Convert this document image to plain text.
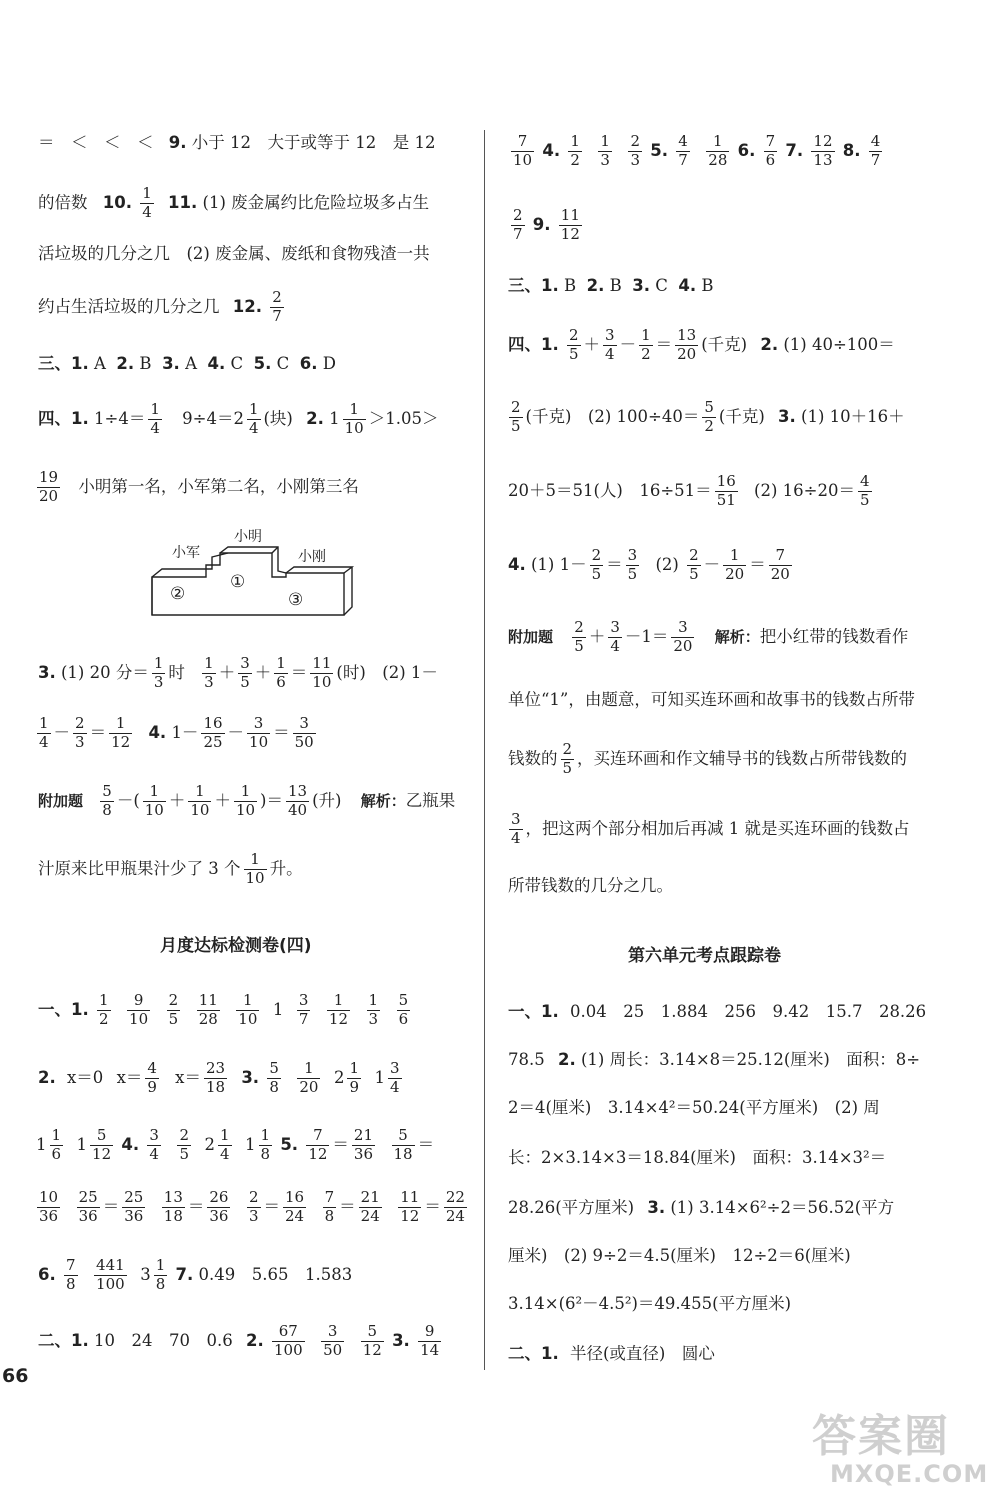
＝　＜　＜　＜ 9. 小于 12　大于或等于 12　是 12
的倍数 10. $\frac{1}{4} 11$. (1) 废金属约比危险垃圾多占生
活垃圾的几分之几　(2) 废金属、废纸和食物残渣一共
约占生活垃圾的几分之几 12. $\frac{2}{7}$
三、1. A 2. B 3. A 4. C 5. C 6. D
四、1. $1\div 4= \frac{1}{4} 9\div 4=2 \frac{1}{4}$ (块) 2. $1 \frac{1}{10} >1.05>$
$\frac{19}{20}$ 小明第一名，小军第二名，小刚第三名
小军
小明
小刚
①
②	③
3. (1) 20 分＝ $\frac{1}{3}$ 时 $\frac{1}{3} + \frac{3}{5} + \frac{1}{6} = \frac{11}{10}$ (时)　(2) 1－
$\frac{1}{4} - \frac{2}{3} = \frac{1}{12} 4$. $1- \frac{16}{25} - \frac{3}{10} = \frac{3}{50}$
附加题 $\frac{5}{8}$ －( $\frac{1}{10} + \frac{1}{10} + \frac{1}{10}$ )＝ $\frac{13}{40}$ (升) 解析：乙瓶果
汁原来比甲瓶果汁少了 3 个 $\frac{1}{10}$ 升。
月度达标检测卷(四)
一、1. $\frac{1}{2}$
$\frac{9}{10}$
$\frac{2}{5}$
$\frac{11}{28}$
$\frac{1}{10} 1 \frac{3}{7}$
$\frac{1}{12}$
$\frac{1}{3}$
$\frac{5}{6}$
2. x＝0 $x= \frac{4}{9} x= \frac{23}{18} 3$. $\frac{5}{8}$
$\frac{1}{20} 2 \frac{1}{9} 1 \frac{3}{4}$
$1 \frac{1}{6} 1 \frac{5}{12} 4$. $\frac{3}{4}$
$\frac{2}{5} 2 \frac{1}{4} 1 \frac{1}{8} 5$. $\frac{7}{12} = \frac{21}{36}$
$\frac{5}{18}$ ＝
$\frac{10}{36}$
$\frac{25}{36} = \frac{25}{36}$
$\frac{13}{18} = \frac{26}{36}$
$\frac{2}{3} = \frac{16}{24}$
$\frac{7}{8} = \frac{21}{24}$
$\frac{11}{12} = \frac{22}{24}$
6. $\frac{7}{8}$
$\frac{441}{100} 3 \frac{1}{8} 7$. 0.49　5.65　1.583
二、1. 10　24　70　0.6 2. $\frac{67}{100}$
$\frac{3}{50}$
$\frac{5}{12} 3$. $\frac{9}{14}$
$\frac{7}{10} 4$. $\frac{1}{2}$
$\frac{1}{3}$
$\frac{2}{3} 5$. $\frac{4}{7}$
$\frac{1}{28} 6$. $\frac{7}{6} 7$. $\frac{12}{13} 8$. $\frac{4}{7}$
$\frac{2}{7} 9$. $\frac{11}{12}$
三、1. B 2. B 3. C 4. B
四、1. $\frac{2}{5} + \frac{3}{4} - \frac{1}{2} = \frac{13}{20}$ (千克) 2. (1) 40÷100＝
$\frac{2}{5}$ (千克)　(2) $100\div 40= \frac{5}{2}$ (千克) 3. (1) 10＋16＋
20＋5＝51(人)　$16\div 51= \frac{16}{51} (2)$ $16\div 20= \frac{4}{5}$
4. (1) $1- \frac{2}{5} = \frac{3}{5} (2) \frac{2}{5} - \frac{1}{20} = \frac{7}{20}$
附加题 $\frac{2}{5} + \frac{3}{4} -1= \frac{3}{20}$ 解析：把小红带的钱数看作
单位“1”，由题意，可知买连环画和故事书的钱数占所带
钱数的 $\frac{2}{5}$ ，买连环画和作文辅导书的钱数占所带钱数的
$\frac{3}{4}$ ，把这两个部分相加后再减 1 就是买连环画的钱数占
所带钱数的几分之几。
第六单元考点跟踪卷
一、1. 0.04　25　1.884　256　9.42　15.7　28.26
78.5 2. (1) 周长：3.14×8＝25.12(厘米)　面积：8÷
2＝4(厘米)　3.14×4²＝50.24(平方厘米)　(2) 周
长：2×3.14×3＝18.84(厘米)　面积：3.14×3²＝
28.26(平方厘米) 3. (1) 3.14×6²÷2＝56.52(平方
厘米)　(2) 9÷2＝4.5(厘米)　12÷2＝6(厘米)
3.14×(6²－4.5²)＝49.455(平方厘米)
二、1. 半径(或直径)　圆心
66
答案圈
MXQE.COM
